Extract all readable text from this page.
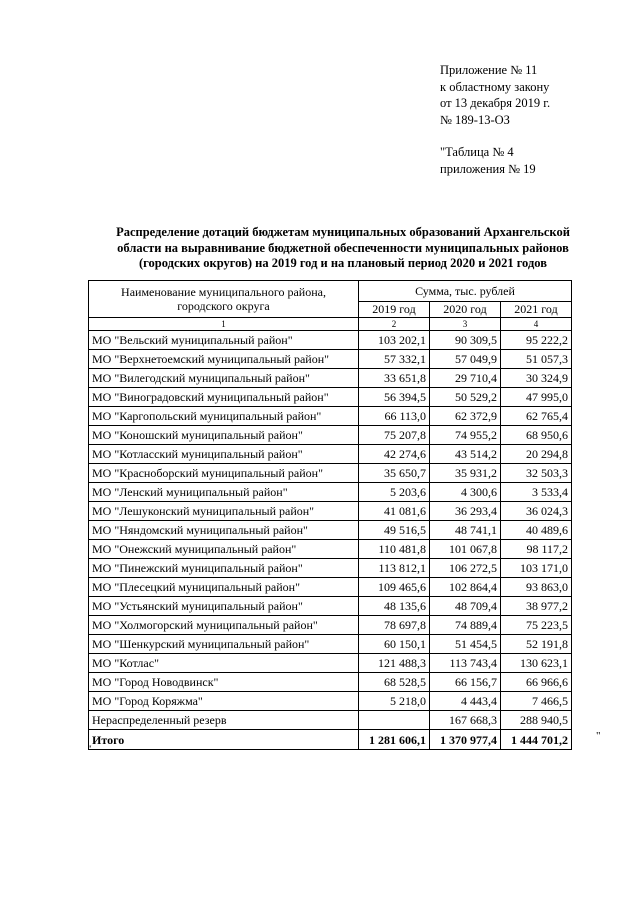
Приложение № 11
к областному закону
от 13 декабря 2019 г.
№ 189-13-ОЗ
"Таблица № 4
приложения № 19
Распределение дотаций бюджетам муниципальных образований Архангельской
области на выравнивание бюджетной обеспеченности муниципальных районов
(городских округов) на 2019 год и на плановый период 2020 и 2021 годов
Наименование муниципального района, городского округа	Сумма, тыс. рублей		
	2019 год	2020 год	2021 год
1	2	3	4
МО "Вельский муниципальный район"	103 202,1	90 309,5	95 222,2
МО "Верхнетоемский муниципальный район"	57 332,1	57 049,9	51 057,3
МО "Вилегодский муниципальный район"	33 651,8	29 710,4	30 324,9
МО "Виноградовский муниципальный район"	56 394,5	50 529,2	47 995,0
МО "Каргопольский муниципальный район"	66 113,0	62 372,9	62 765,4
МО "Коношский муниципальный район"	75 207,8	74 955,2	68 950,6
МО "Котласский муниципальный район"	42 274,6	43 514,2	20 294,8
МО "Красноборский муниципальный район"	35 650,7	35 931,2	32 503,3
МО "Ленский муниципальный район"	5 203,6	4 300,6	3 533,4
МО "Лешуконский муниципальный район"	41 081,6	36 293,4	36 024,3
МО "Няндомский муниципальный район"	49 516,5	48 741,1	40 489,6
МО "Онежский муниципальный район"	110 481,8	101 067,8	98 117,2
МО "Пинежский муниципальный район"	113 812,1	106 272,5	103 171,0
МО "Плесецкий муниципальный район"	109 465,6	102 864,4	93 863,0
МО "Устьянский муниципальный район"	48 135,6	48 709,4	38 977,2
МО "Холмогорский муниципальный район"	78 697,8	74 889,4	75 223,5
МО "Шенкурский муниципальный район"	60 150,1	51 454,5	52 191,8
МО "Котлас"	121 488,3	113 743,4	130 623,1
МО "Город Новодвинск"	68 528,5	66 156,7	66 966,6
МО "Город Коряжма"	5 218,0	4 443,4	7 466,5
Нераспределенный резерв		167 668,3	288 940,5
Итого	1 281 606,1	1 370 977,4	1 444 701,2	"
"
